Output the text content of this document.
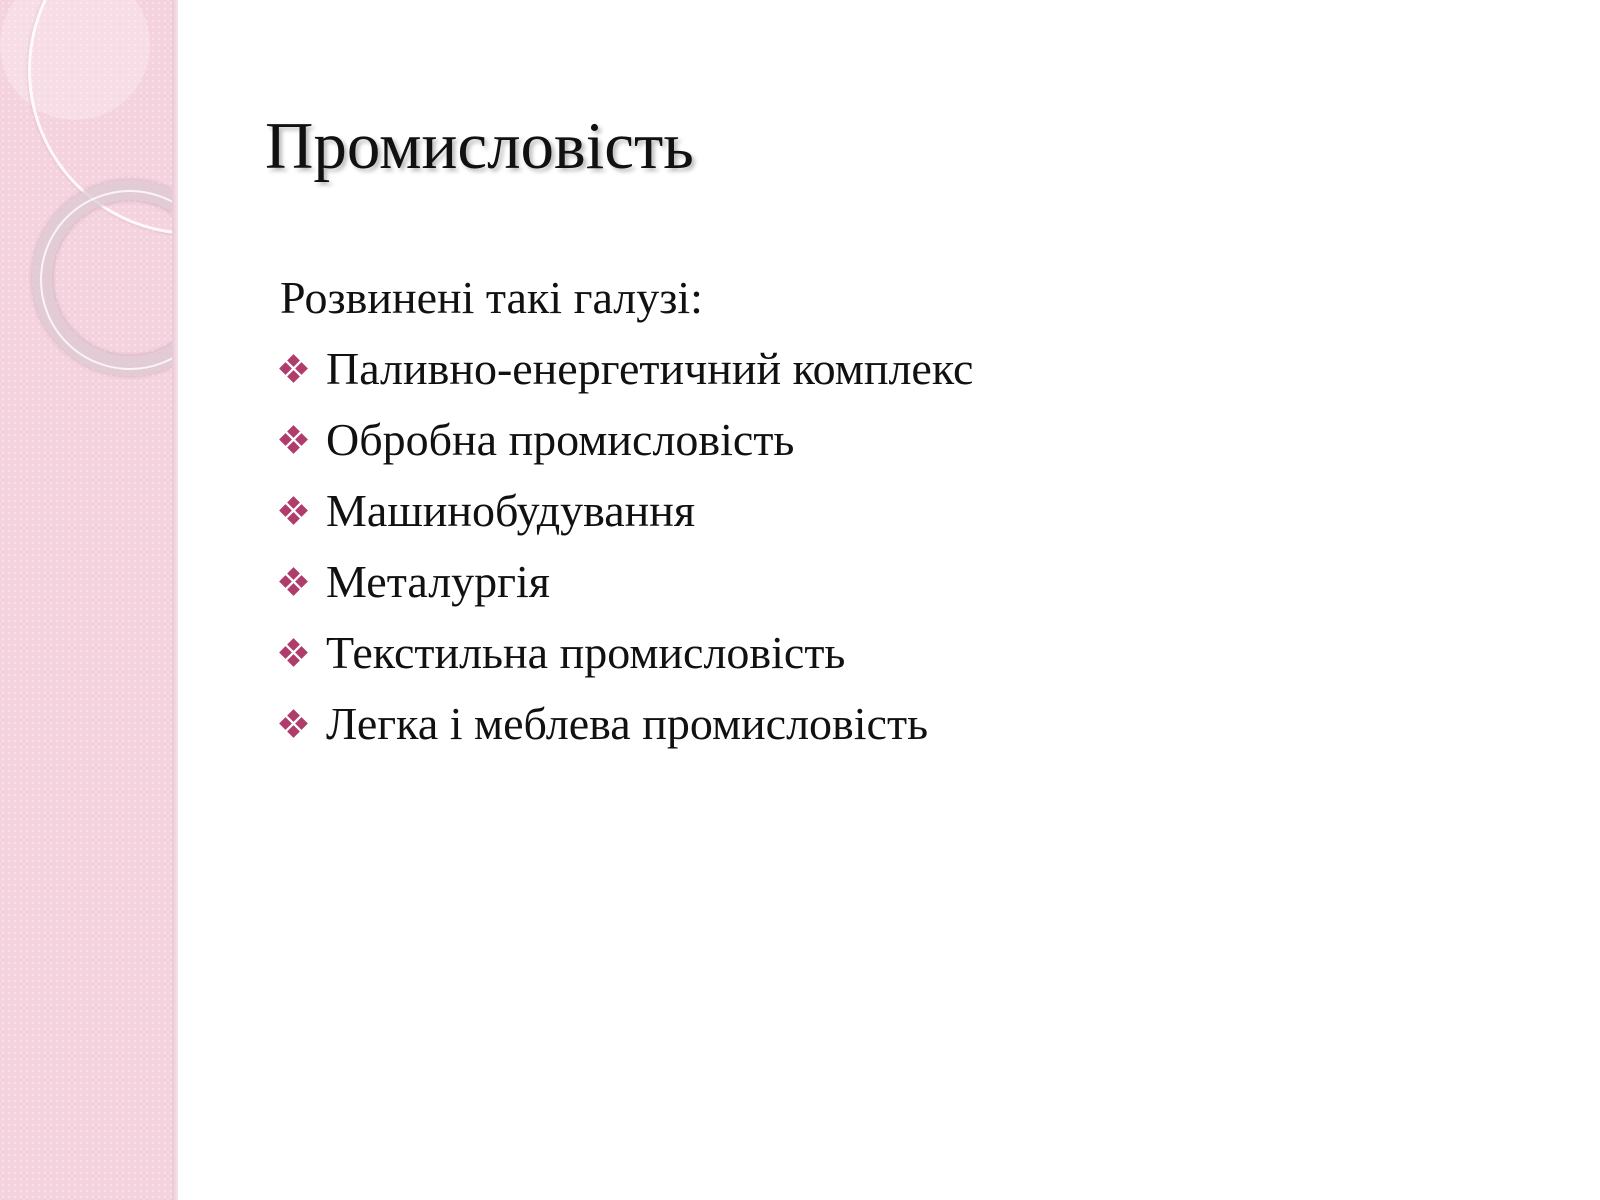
Промисловість

Розвинені такі галузі:

Паливно-енергетичний комплекс
Обробна промисловість
Машинобудування
Металургія
Текстильна промисловість
Легка і меблева промисловість
